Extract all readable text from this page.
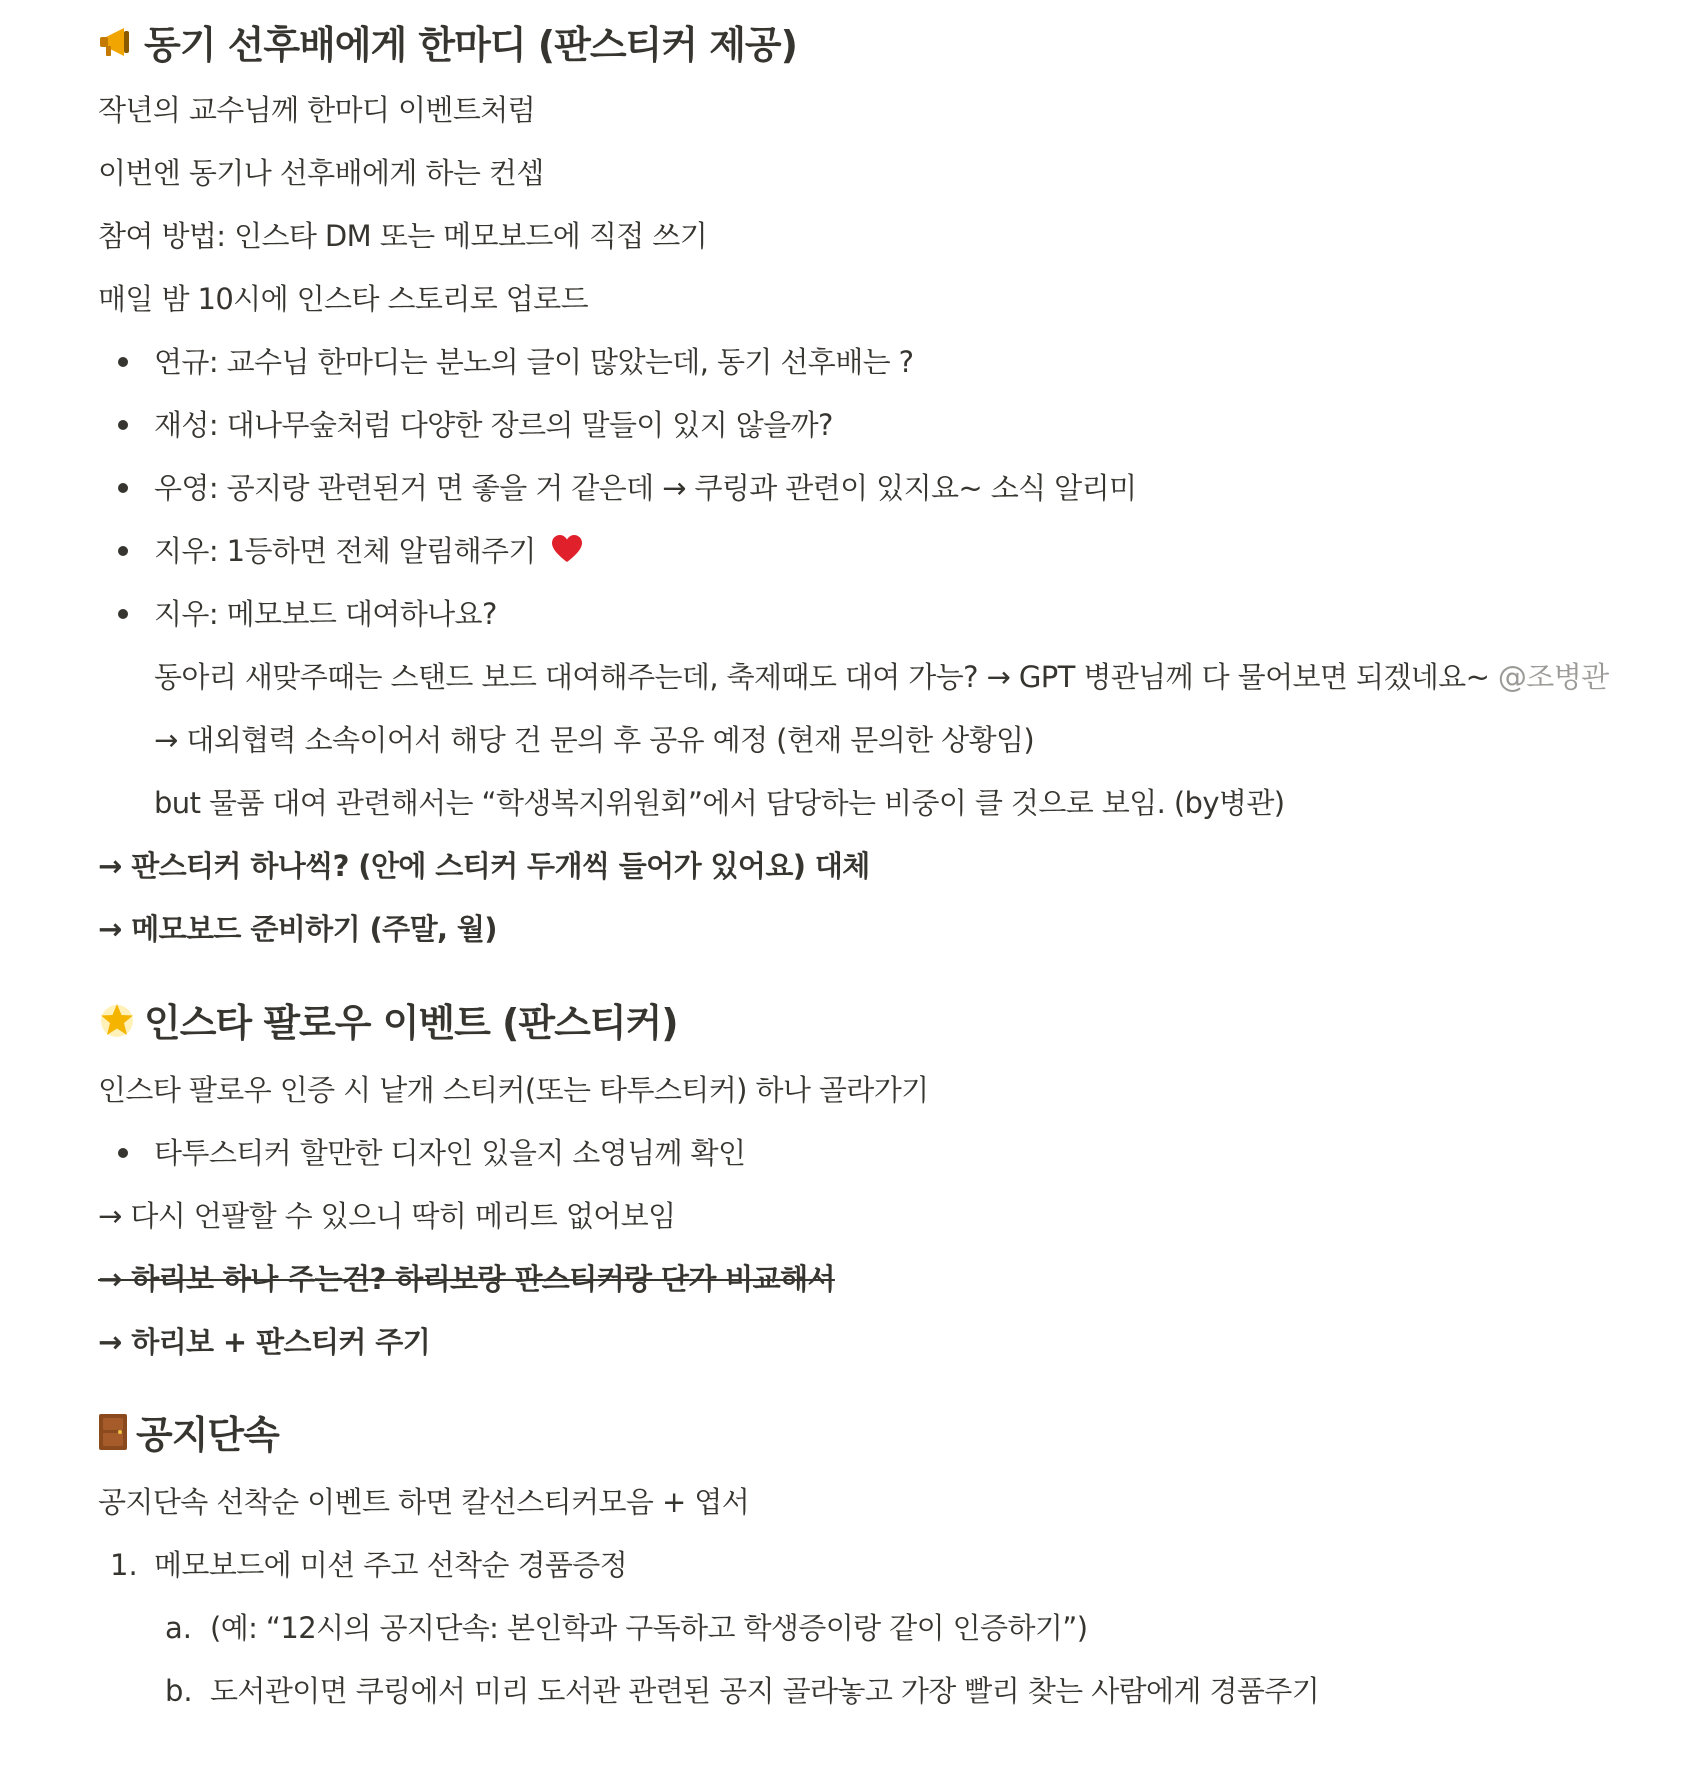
동기 선후배에게 한마디 (판스티커 제공)
작년의 교수님께 한마디 이벤트처럼
이번엔 동기나 선후배에게 하는 컨셉
참여 방법: 인스타 DM 또는 메모보드에 직접 쓰기
매일 밤 10시에 인스타 스토리로 업로드
연규: 교수님 한마디는 분노의 글이 많았는데, 동기 선후배는 ?
재성: 대나무숲처럼 다양한 장르의 말들이 있지 않을까?
우영: 공지랑 관련된거 면 좋을 거 같은데 → 쿠링과 관련이 있지요~ 소식 알리미
지우: 1등하면 전체 알림해주기
지우: 메모보드 대여하나요?
동아리 새맞주때는 스탠드 보드 대여해주는데, 축제때도 대여 가능? → GPT 병관님께 다 물어보면 되겠네요~ @조병관
→ 대외협력 소속이어서 해당 건 문의 후 공유 예정 (현재 문의한 상황임)
but 물품 대여 관련해서는 “학생복지위원회”에서 담당하는 비중이 클 것으로 보임. (by병관)
→ 판스티커 하나씩? (안에 스티커 두개씩 들어가 있어요) 대체
→ 메모보드 준비하기 (주말, 월)
인스타 팔로우 이벤트 (판스티커)
인스타 팔로우 인증 시 낱개 스티커(또는 타투스티커) 하나 골라가기
타투스티커 할만한 디자인 있을지 소영님께 확인
→ 다시 언팔할 수 있으니 딱히 메리트 없어보임
→ 하리보 하나 주는건? 하리보랑 판스티커랑 단가 비교해서
→ 하리보 + 판스티커 주기
공지단속
공지단속 선착순 이벤트 하면 칼선스티커모음 + 엽서
1. 메모보드에 미션 주고 선착순 경품증정
a. (예: “12시의 공지단속: 본인학과 구독하고 학생증이랑 같이 인증하기”)
b. 도서관이면 쿠링에서 미리 도서관 관련된 공지 골라놓고 가장 빨리 찾는 사람에게 경품주기
